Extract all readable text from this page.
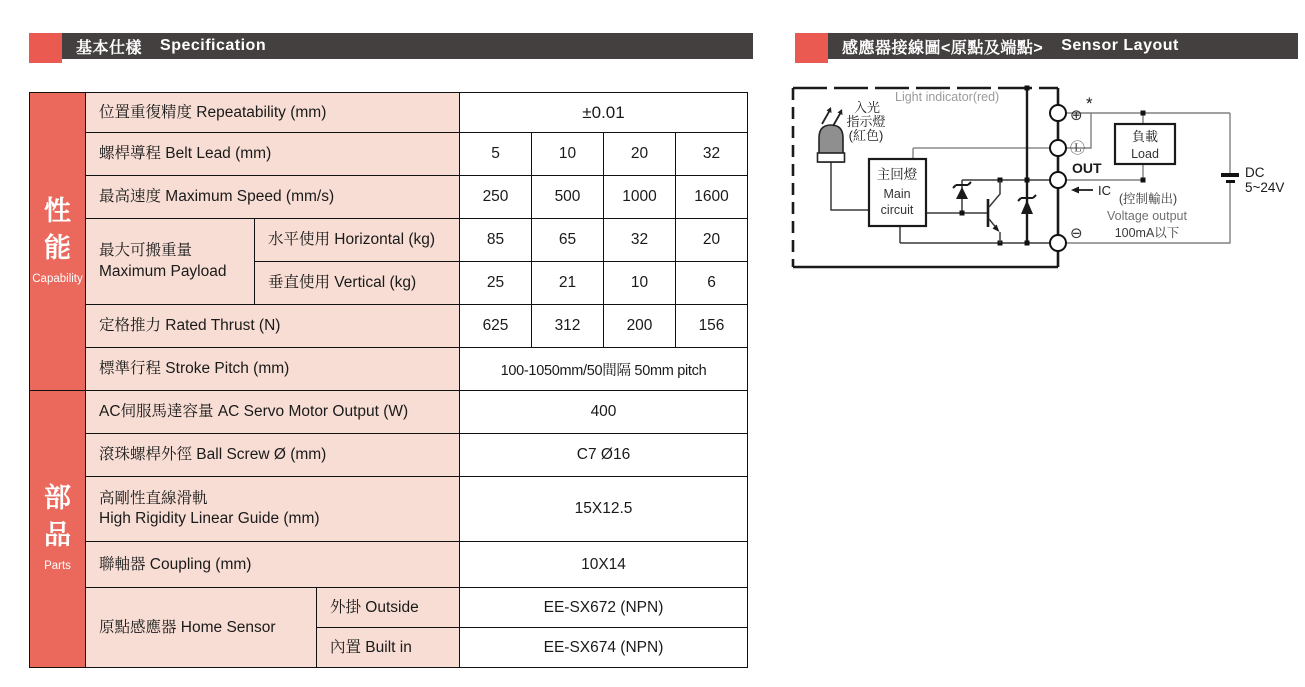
基本仕樣 Specification	感應器接線圖<原點及端點> Sensor Layout
性
能
Capability	位置重復精度 Repeatability (mm)			±0.01			
	螺桿導程 Belt Lead (mm)			5	10	20	32
	最高速度 Maximum Speed (mm/s)			250	500	1000	1600

	最大可搬重量
Maximum Payload	水平使用 Horizontal (kg)		85	65	32	20
		垂直使用 Vertical (kg)		25	21	10	6
	定格推力 Rated Thrust (N)			625	312	200	156
	標準行程 Stroke Pitch (mm)			100-1050mm/50間隔 50mm pitch			

部
品
Parts	AC伺服馬達容量 AC Servo Motor Output (W)			400			
	滾珠螺桿外徑 Ball Screw Ø (mm)			C7 Ø16			

	高剛性直線滑軌
High Rigidity Linear Guide (mm)			15X12.5			
	聯軸器 Coupling (mm)			10X14			
	原點感應器 Home Sensor		外掛 Outside	EE-SX672 (NPN)			
			內置 Built in	EE-SX674 (NPN)			
主回燈
Main
circuit
負載
Load
Light indicator(red)
入光
指示燈
(紅色)
⊕
*
Ⓛ
OUT
⊖
IC
(控制輸出)
Voltage output
100mA以下
DC
5~24V
